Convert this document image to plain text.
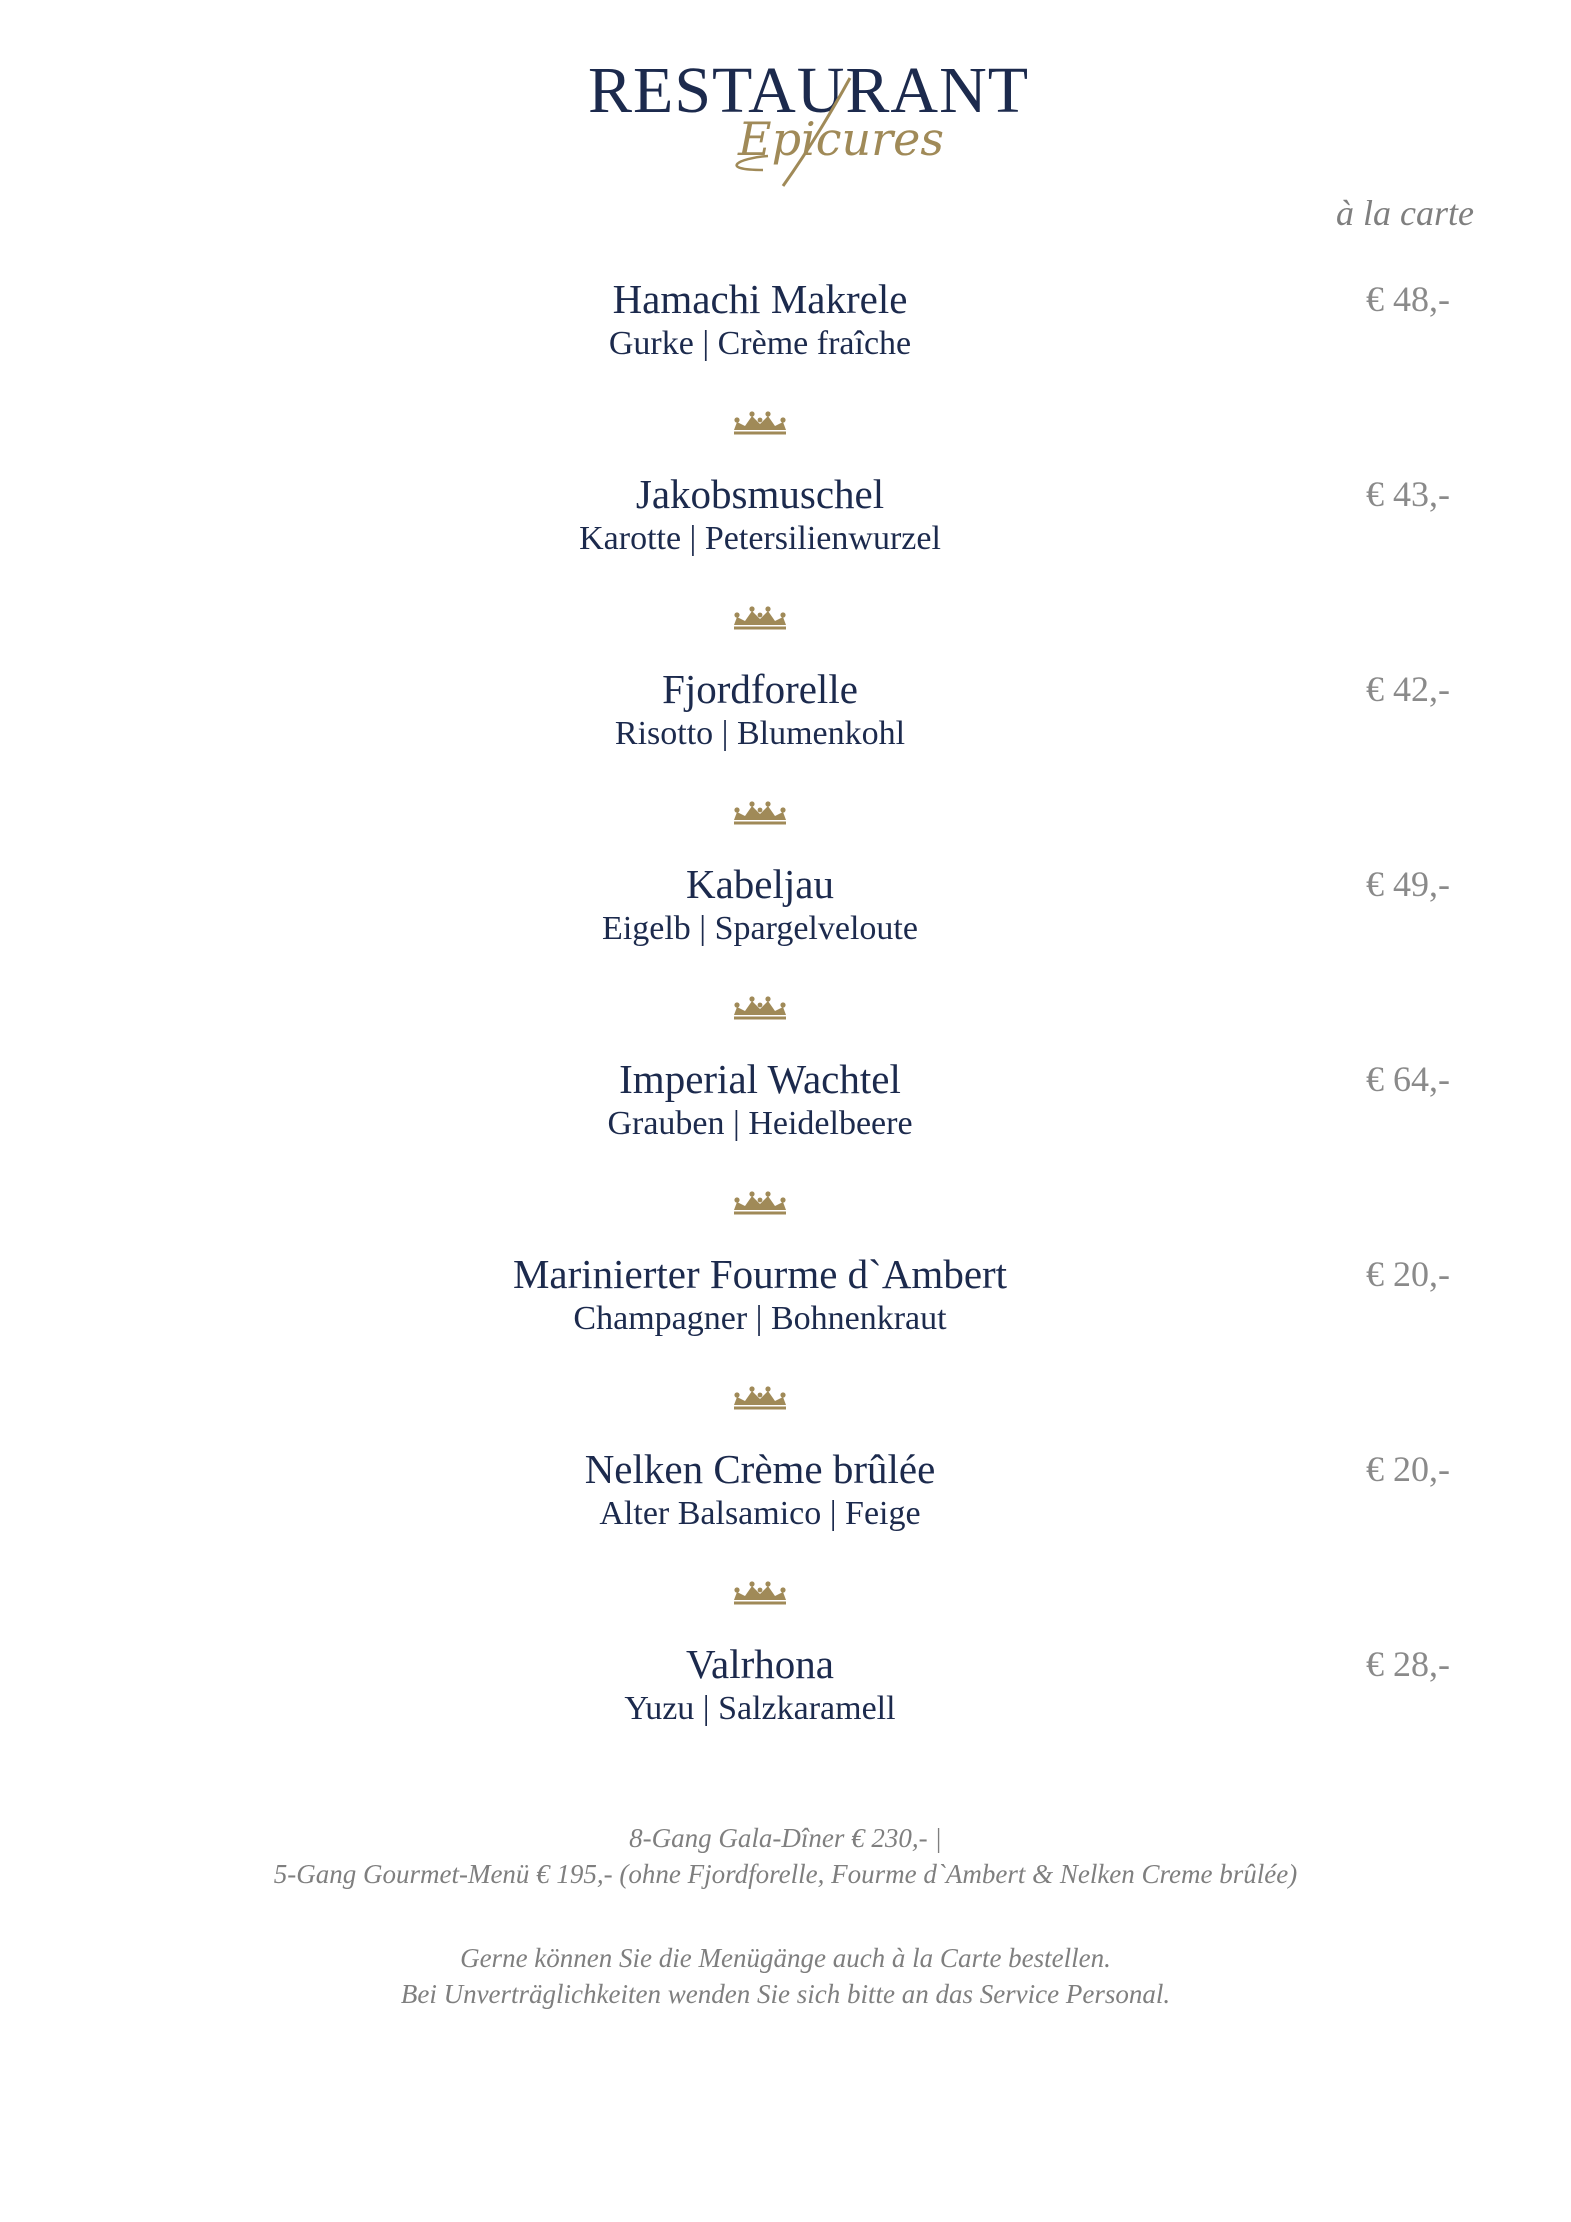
RESTAURANT
Epicures
à la carte
Hamachi Makrele
Gurke | Crème fraîche
€ 48,-
Jakobsmuschel
Karotte | Petersilienwurzel
€ 43,-
Fjordforelle
Risotto | Blumenkohl
€ 42,-
Kabeljau
Eigelb | Spargelveloute
€ 49,-
Imperial Wachtel
Grauben | Heidelbeere
€ 64,-
Marinierter Fourme d`Ambert
Champagner | Bohnenkraut
€ 20,-
Nelken Crème brûlée
Alter Balsamico | Feige
€ 20,-
Valrhona
Yuzu | Salzkaramell
€ 28,-
8-Gang Gala-Dîner € 230,- |
5-Gang Gourmet-Menü € 195,- (ohne Fjordforelle, Fourme d`Ambert & Nelken Creme brûlée)
Gerne können Sie die Menügänge auch à la Carte bestellen.
Bei Unverträglichkeiten wenden Sie sich bitte an das Service Personal.
